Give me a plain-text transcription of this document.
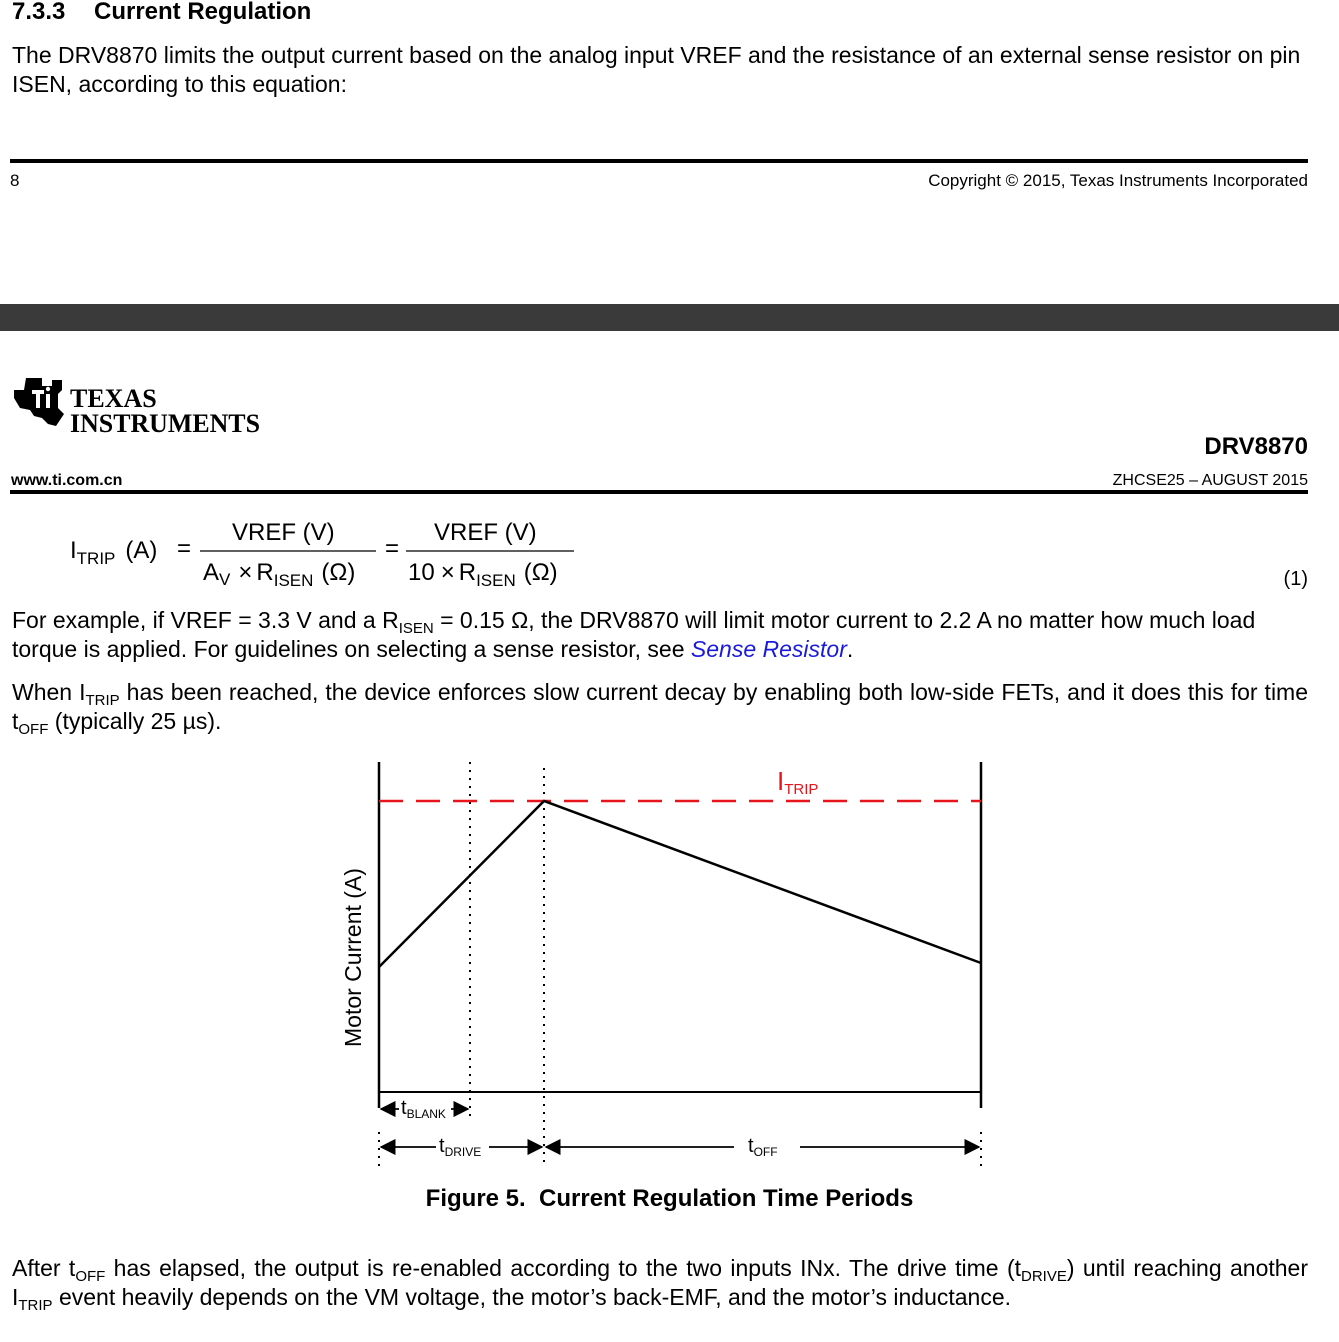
7.3.3 Current Regulation

The DRV8870 limits the output current based on the analog input VREF and the resistance of an external sense resistor on pin ISEN, according to this equation:

8	Copyright © 2015, Texas Instruments Incorporated
TEXAS
INSTRUMENTS
DRV8870
www.ti.com.cn	ZHCSE25 – AUGUST 2015
$I_{TRIP}$ (A) =
VREF (V)
$A_V \times R_{ISEN}$ (Ω)
=
VREF (V)
$10 \times R_{ISEN}$ (Ω)	(1)

For example, if VREF = 3.3 V and a $R_{ISEN} = 0.15$ Ω, the DRV8870 will limit motor current to 2.2 A no matter how much load torque is applied. For guidelines on selecting a sense resistor, see Sense Resistor.

When $I_{TRIP}$ has been reached, the device enforces slow current decay by enabling both low-side FETs, and it does this for time $t_{OFF}$ (typically 25 µs).

ITRIP
Motor Current (A)
$t_{BLANK}$
$t_{DRIVE}$	$t_{OFF}$
Figure 5.  Current Regulation Time Periods

After $t_{OFF}$ has elapsed, the output is re-enabled according to the two inputs INx. The drive time $(t_{DRIVE})$ until reaching another $I_{TRIP}$ event heavily depends on the VM voltage, the motor’s back-EMF, and the motor’s inductance.
